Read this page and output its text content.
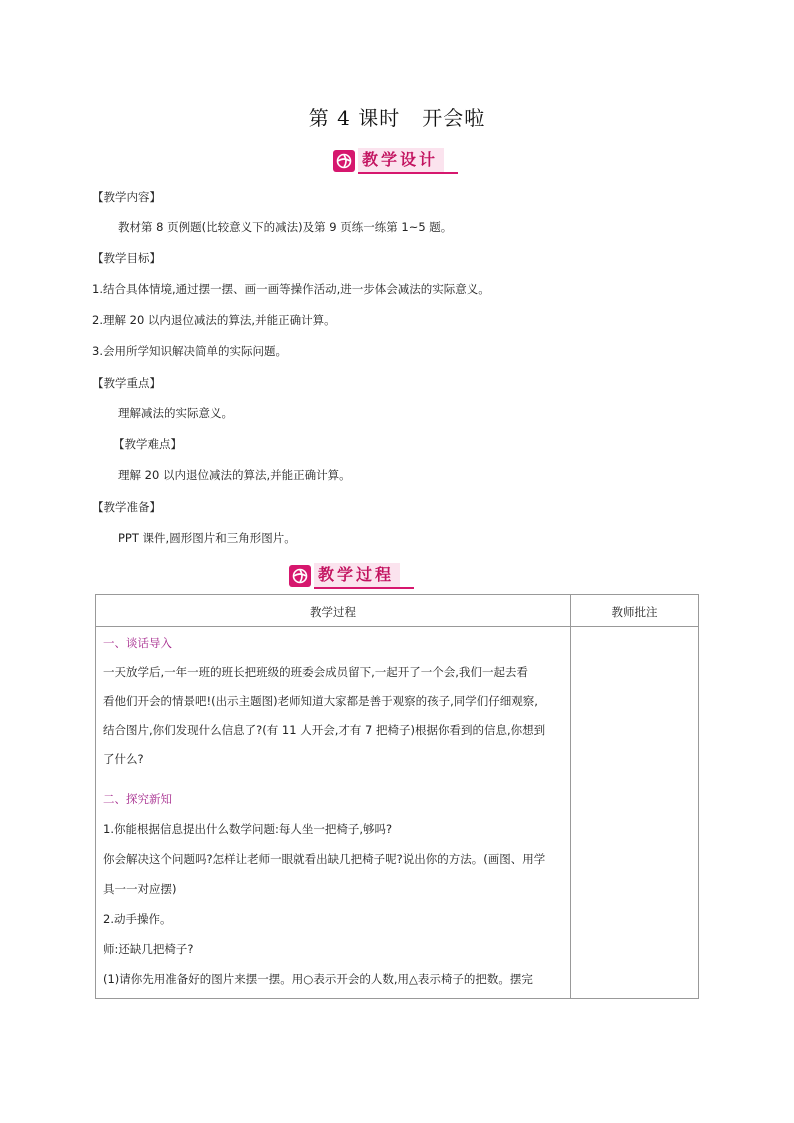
第 4 课时 开会啦
教学设计
【教学内容】
教材第 8 页例题(比较意义下的减法)及第 9 页练一练第 1~5 题。
【教学目标】
1.结合具体情境,通过摆一摆、画一画等操作活动,进一步体会减法的实际意义。
2.理解 20 以内退位减法的算法,并能正确计算。
3.会用所学知识解决简单的实际问题。
【教学重点】
理解减法的实际意义。
【教学难点】
理解 20 以内退位减法的算法,并能正确计算。
【教学准备】
PPT 课件,圆形图片和三角形图片。
教学过程
教学过程	教师批注
一、谈话导入
一天放学后,一年一班的班长把班级的班委会成员留下,一起开了一个会,我们一起去看
看他们开会的情景吧!(出示主题图)老师知道大家都是善于观察的孩子,同学们仔细观察,
结合图片,你们发现什么信息了?(有 11 人开会,才有 7 把椅子)根据你看到的信息,你想到
了什么?
二、探究新知
1.你能根据信息提出什么数学问题:每人坐一把椅子,够吗?
你会解决这个问题吗?怎样让老师一眼就看出缺几把椅子呢?说出你的方法。(画图、用学
具一一对应摆)
2.动手操作。
师:还缺几把椅子?
(1)请你先用准备好的图片来摆一摆。用○表示开会的人数,用△表示椅子的把数。摆完
